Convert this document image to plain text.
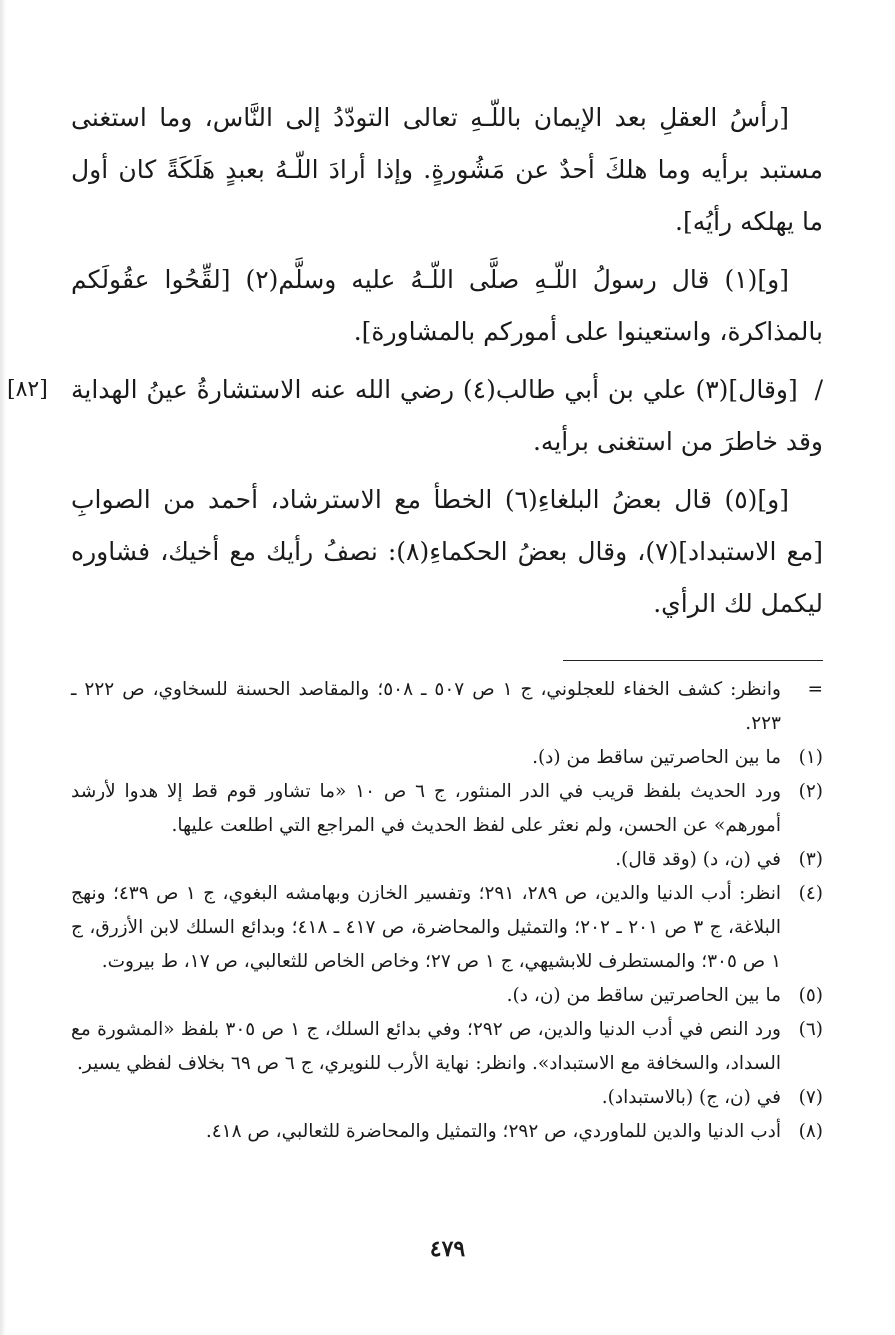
[رأسُ العقلِ بعد الإيمان باللّـهِ تعالى التودّدُ إلى النَّاس، وما استغنى مستبد برأيه وما هلكَ أحدٌ عن مَشُورةٍ. وإذا أرادَ اللّـهُ بعبدٍ هَلَكَةً كان أول ما يهلكه رأيُه].

[و](١) قال رسولُ اللّـهِ صلَّى اللّـهُ عليه وسلَّم(٢) [لقِّحُوا عقُولَكم بالمذاكرة، واستعينوا على أموركم بالمشاورة].

/ [وقال](٣) علي بن أبي طالب(٤) رضي الله عنه الاستشارةُ عينُ الهداية وقد خاطرَ من استغنى برأيه.
[٨٢]

[و](٥) قال بعضُ البلغاءِ(٦) الخطأ مع الاسترشاد، أحمد من الصوابِ [مع الاستبداد](٧)، وقال بعضُ الحكماءِ(٨): نصفُ رأيك مع أخيك، فشاوره ليكمل لك الرأي.

=
وانظر: كشف الخفاء للعجلوني، ج ١ ص ٥٠٧ ـ ٥٠٨؛ والمقاصد الحسنة للسخاوي، ص ٢٢٢ ـ ٢٢٣.
(١)
ما بين الحاصرتين ساقط من (د).
(٢)
ورد الحديث بلفظ قريب في الدر المنثور، ج ٦ ص ١٠ «ما تشاور قوم قط إلا هدوا لأرشد أمورهم» عن الحسن، ولم نعثر على لفظ الحديث في المراجع التي اطلعت عليها.
(٣)
في (ن، د) (وقد قال).
(٤)
انظر: أدب الدنيا والدين، ص ٢٨٩، ٢٩١؛ وتفسير الخازن وبهامشه البغوي، ج ١ ص ٤٣٩؛ ونهج البلاغة، ج ٣ ص ٢٠١ ـ ٢٠٢؛ والتمثيل والمحاضرة، ص ٤١٧ ـ ٤١٨؛ وبدائع السلك لابن الأزرق، ج ١ ص ٣٠٥؛ والمستطرف للابشيهي، ج ١ ص ٢٧؛ وخاص الخاص للثعالبي، ص ١٧، ط بيروت.
(٥)
ما بين الحاصرتين ساقط من (ن، د).
(٦)
ورد النص في أدب الدنيا والدين، ص ٢٩٢؛ وفي بدائع السلك، ج ١ ص ٣٠٥ بلفظ «المشورة مع السداد، والسخافة مع الاستبداد». وانظر: نهاية الأرب للنويري، ج ٦ ص ٦٩ بخلاف لفظي يسير.
(٧)
في (ن، ج) (بالاستبداد).
(٨)
أدب الدنيا والدين للماوردي، ص ٢٩٢؛ والتمثيل والمحاضرة للثعالبي، ص ٤١٨.
٤٧٩
